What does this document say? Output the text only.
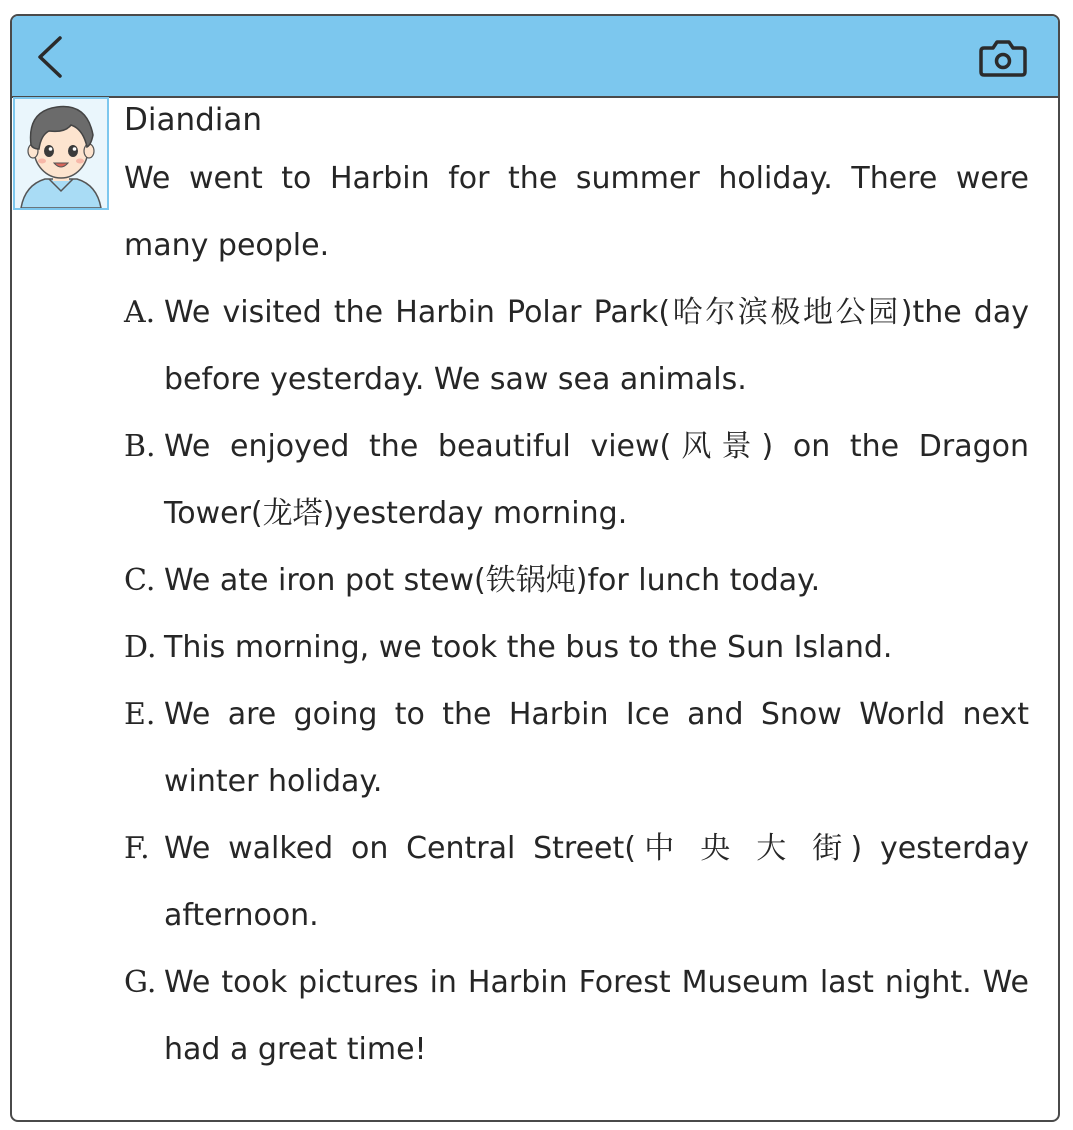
Diandian
We went to Harbin for the summer holiday. There were many people.
A. We visited the Harbin Polar Park(哈尔滨极地公园)the day before yesterday. We saw sea animals.
B. We enjoyed the beautiful view(风景) on the Dragon Tower(龙塔)yesterday morning.
C. We ate iron pot stew(铁锅炖)for lunch today.
D. This morning, we took the bus to the Sun Island.
E. We are going to the Harbin Ice and Snow World next winter holiday.
F. We walked on Central Street(中 央 大 街) yesterday afternoon.
G. We took pictures in Harbin Forest Museum last night. We had a great time!
